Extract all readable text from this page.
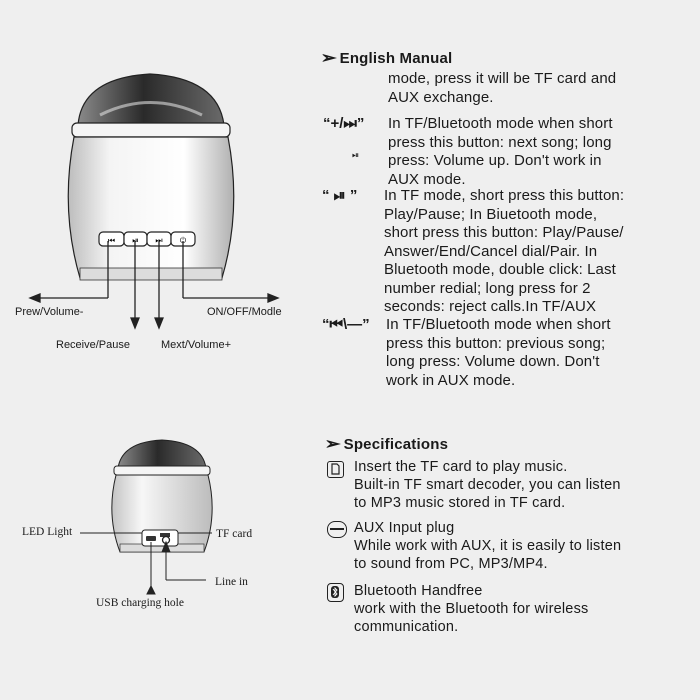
⏮ ⏯ ⏭ ⏻
Prew/Volume-
Receive/Pause	Mext/Volume+
ON/OFF/Modle
LED Light	TF card
Line in
USB charging hole
➢ English Manual
mode, press it will be TF card and
AUX exchange.
“+/⏭”
⏯
In TF/Bluetooth mode when short
press this button: next song; long
press: Volume up. Don't work in
AUX mode.
“ ⏯ ” In TF mode, short press this button:
Play/Pause; In Biuetooth mode,
short press this button: Play/Pause/
Answer/End/Cancel dial/Pair. In
Bluetooth mode, double click: Last
number redial; long press for 2
seconds: reject calls.In TF/AUX
“⏮\—” In TF/Bluetooth mode when short
press this button: previous song;
long press: Volume down. Don't
work in AUX mode.
➢ Specifications
Insert the TF card to play music.
Built-in TF smart decoder, you can listen
to MP3 music stored in TF card.
AUX Input plug
While work with AUX, it is easily to listen
to sound from PC, MP3/MP4.
Bluetooth Handfree
work with the Bluetooth for wireless
communication.
